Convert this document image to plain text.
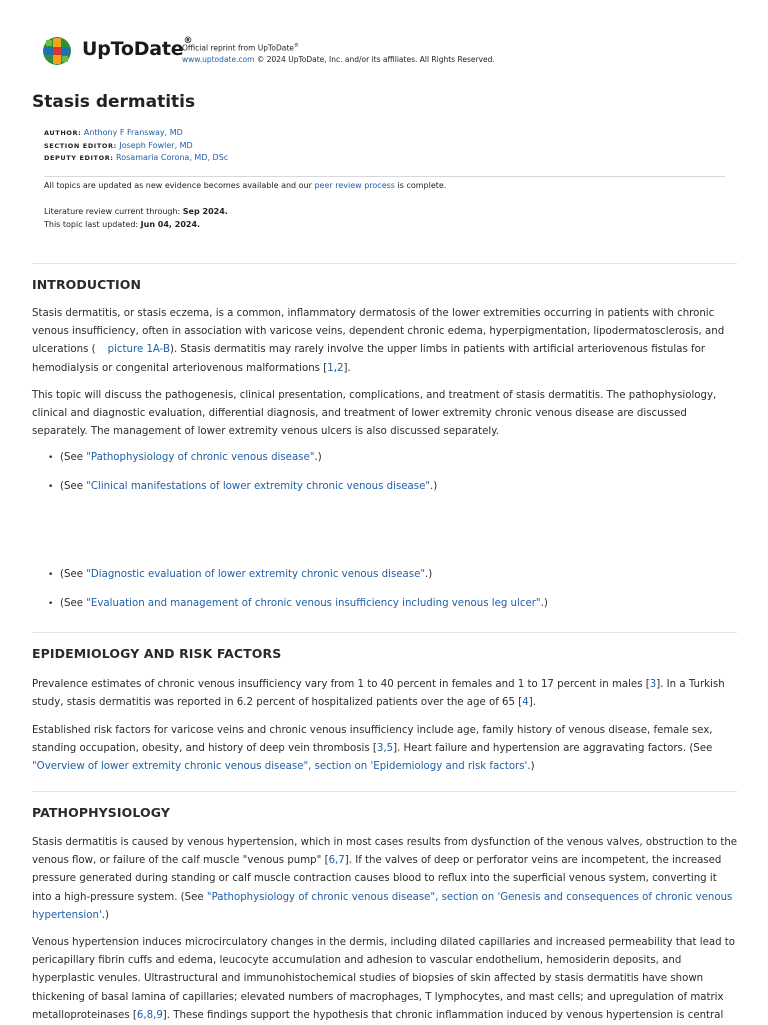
UpToDate®
Official reprint from UpToDate®
www.uptodate.com © 2024 UpToDate, Inc. and/or its affiliates. All Rights Reserved.
Stasis dermatitis
AUTHOR: Anthony F Fransway, MD
SECTION EDITOR: Joseph Fowler, MD
DEPUTY EDITOR: Rosamaria Corona, MD, DSc
All topics are updated as new evidence becomes available and our peer review process is complete.
Literature review current through: Sep 2024.
This topic last updated: Jun 04, 2024.
INTRODUCTION

Stasis dermatitis, or stasis eczema, is a common, inflammatory dermatosis of the lower extremities occurring in patients with chronic venous insufficiency, often in association with varicose veins, dependent chronic edema, hyperpigmentation, lipodermatosclerosis, and ulcerations ( picture 1A-B). Stasis dermatitis may rarely involve the upper limbs in patients with artificial arteriovenous fistulas for hemodialysis or congenital arteriovenous malformations [1,2].

This topic will discuss the pathogenesis, clinical presentation, complications, and treatment of stasis dermatitis. The pathophysiology, clinical and diagnostic evaluation, differential diagnosis, and treatment of lower extremity chronic venous disease are discussed separately. The management of lower extremity venous ulcers is also discussed separately.

• (See "Pathophysiology of chronic venous disease".)
• (See "Clinical manifestations of lower extremity chronic venous disease".)
• (See "Diagnostic evaluation of lower extremity chronic venous disease".)
• (See "Evaluation and management of chronic venous insufficiency including venous leg ulcer".)
EPIDEMIOLOGY AND RISK FACTORS

Prevalence estimates of chronic venous insufficiency vary from 1 to 40 percent in females and 1 to 17 percent in males [3]. In a Turkish study, stasis dermatitis was reported in 6.2 percent of hospitalized patients over the age of 65 [4].

Established risk factors for varicose veins and chronic venous insufficiency include age, family history of venous disease, female sex, standing occupation, obesity, and history of deep vein thrombosis [3,5]. Heart failure and hypertension are aggravating factors. (See "Overview of lower extremity chronic venous disease", section on 'Epidemiology and risk factors'.)

PATHOPHYSIOLOGY

Stasis dermatitis is caused by venous hypertension, which in most cases results from dysfunction of the venous valves, obstruction to the venous flow, or failure of the calf muscle "venous pump" [6,7]. If the valves of deep or perforator veins are incompetent, the increased pressure generated during standing or calf muscle contraction causes blood to reflux into the superficial venous system, converting it into a high-pressure system. (See "Pathophysiology of chronic venous disease", section on 'Genesis and consequences of chronic venous hypertension'.)

Venous hypertension induces microcirculatory changes in the dermis, including dilated capillaries and increased permeability that lead to pericapillary fibrin cuffs and edema, leucocyte accumulation and adhesion to vascular endothelium, hemosiderin deposits, and hyperplastic venules. Ultrastructural and immunohistochemical studies of biopsies of skin affected by stasis dermatitis have shown thickening of basal lamina of capillaries; elevated numbers of macrophages, T lymphocytes, and mast cells; and upregulation of matrix metalloproteinases [6,8,9]. These findings support the hypothesis that chronic inflammation induced by venous hypertension is central
